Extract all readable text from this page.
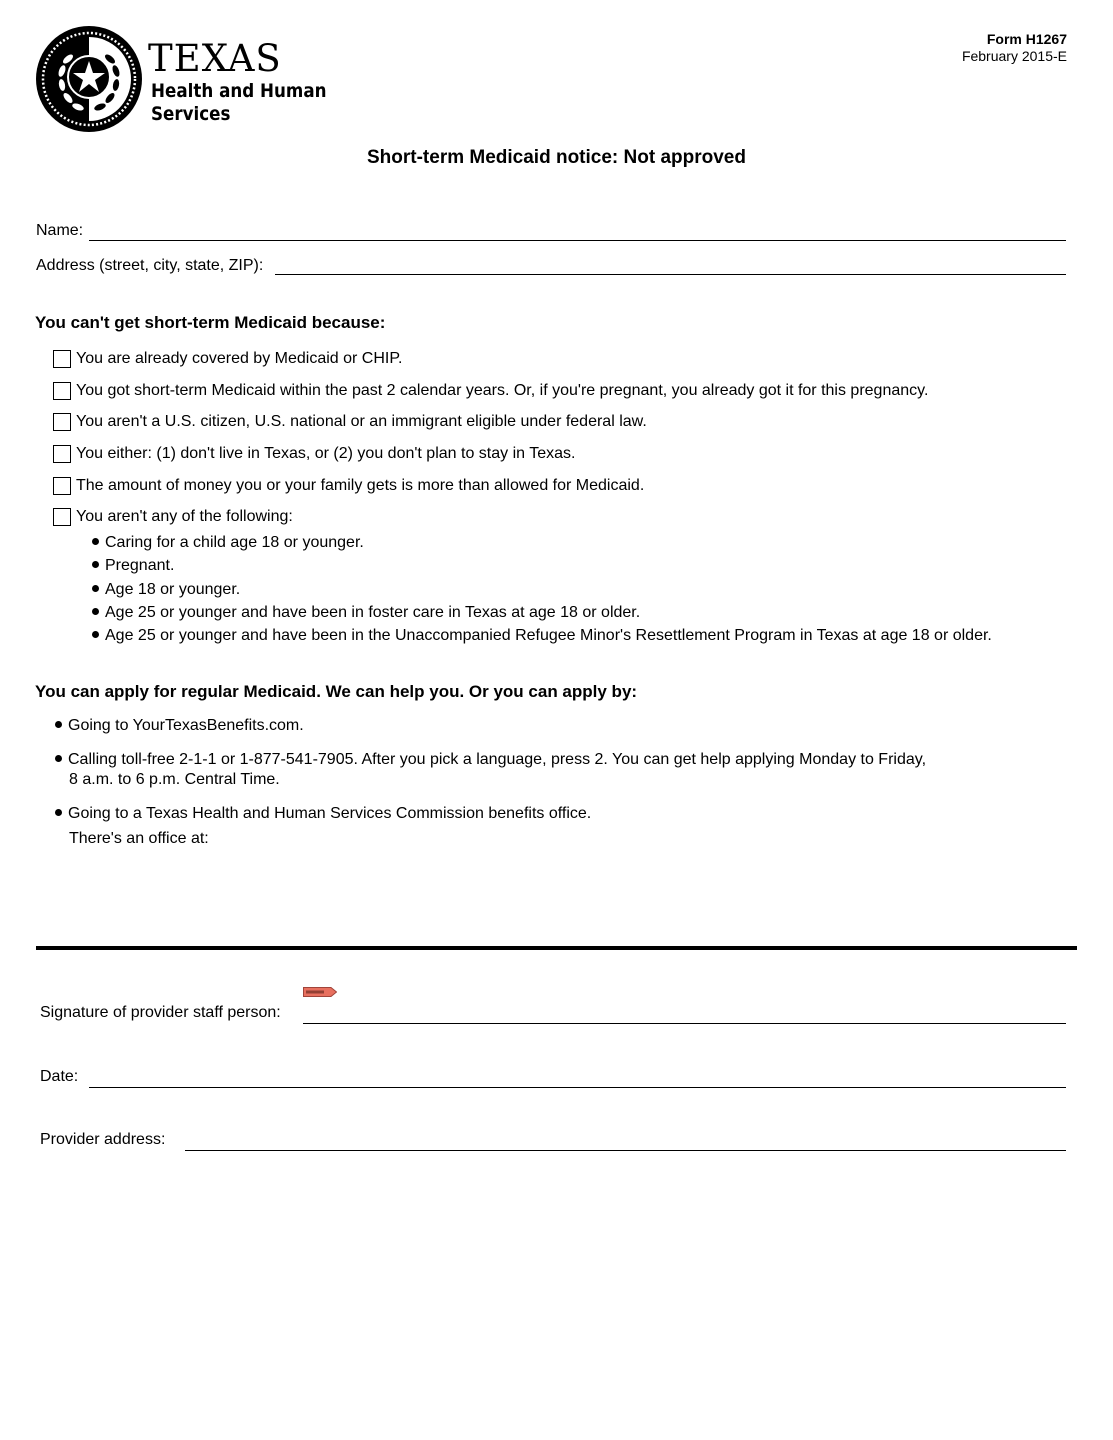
TEXAS
Health and Human
Services
Form H1267
February 2015-E
Short-term Medicaid notice: Not approved
Name:
Address (street, city, state, ZIP):
You can't get short-term Medicaid because:
You are already covered by Medicaid or CHIP.
You got short-term Medicaid within the past 2 calendar years. Or, if you're pregnant, you already got it for this pregnancy.
You aren't a U.S. citizen, U.S. national or an immigrant eligible under federal law.
You either: (1) don't live in Texas, or (2) you don't plan to stay in Texas.
The amount of money you or your family gets is more than allowed for Medicaid.
You aren't any of the following:
Caring for a child age 18 or younger.
Pregnant.
Age 18 or younger.
Age 25 or younger and have been in foster care in Texas at age 18 or older.
Age 25 or younger and have been in the Unaccompanied Refugee Minor's Resettlement Program in Texas at age 18 or older.
You can apply for regular Medicaid. We can help you. Or you can apply by:
Going to YourTexasBenefits.com.
Calling toll-free 2-1-1 or 1-877-541-7905. After you pick a language, press 2. You can get help applying Monday to Friday,
8 a.m. to 6 p.m. Central Time.
Going to a Texas Health and Human Services Commission benefits office.
There's an office at:
Signature of provider staff person:
Date:
Provider address:
